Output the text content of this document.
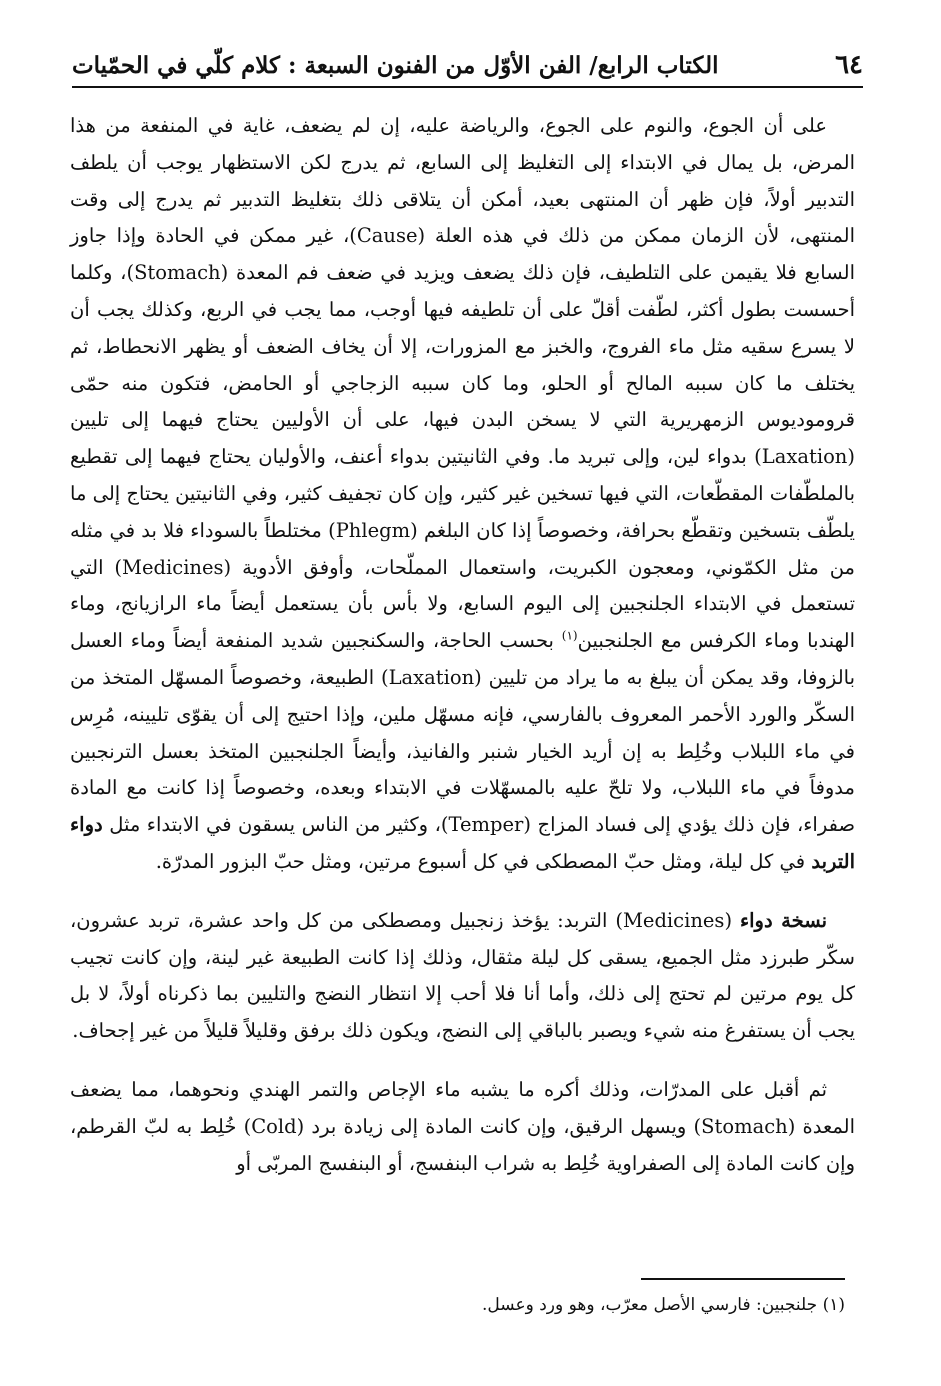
٦٤
الكتاب الرابع/ الفن الأوّل من الفنون السبعة : كلام كلّي في الحمّيات

على أن الجوع، والنوم على الجوع، والرياضة عليه، إن لم يضعف، غاية في المنفعة من هذا المرض، بل يمال في الابتداء إلى التغليظ إلى السابع، ثم يدرج لكن الاستظهار يوجب أن يلطف التدبير أولاً، فإن ظهر أن المنتهى بعيد، أمكن أن يتلاقى ذلك بتغليظ التدبير ثم يدرج إلى وقت المنتهى، لأن الزمان ممكن من ذلك في هذه العلة (Cause)، غير ممكن في الحادة وإذا جاوز السابع فلا يقيمن على التلطيف، فإن ذلك يضعف ويزيد في ضعف فم المعدة (Stomach)، وكلما أحسست بطول أكثر، لطّفت أقلّ على أن تلطيفه فيها أوجب، مما يجب في الربع، وكذلك يجب أن لا يسرع سقيه مثل ماء الفروج، والخبز مع المزورات، إلا أن يخاف الضعف أو يظهر الانحطاط، ثم يختلف ما كان سببه المالح أو الحلو، وما كان سببه الزجاجي أو الحامض، فتكون منه حمّى قروموديوس الزمهريرية التي لا يسخن البدن فيها، على أن الأوليين يحتاج فيهما إلى تليين (Laxation) بدواء لين، وإلى تبريد ما. وفي الثانيتين بدواء أعنف، والأوليان يحتاج فيهما إلى تقطيع بالملطّفات المقطّعات، التي فيها تسخين غير كثير، وإن كان تجفيف كثير، وفي الثانيتين يحتاج إلى ما يلطّف بتسخين وتقطّع بحرافة، وخصوصاً إذا كان البلغم (Phlegm) مختلطاً بالسوداء فلا بد في مثله من مثل الكمّوني، ومعجون الكبريت، واستعمال المملّحات، وأوفق الأدوية (Medicines) التي تستعمل في الابتداء الجلنجبين إلى اليوم السابع، ولا بأس بأن يستعمل أيضاً ماء الرازيانج، وماء الهندبا وماء الكرفس مع الجلنجبين$^{(١)}$ بحسب الحاجة، والسكنجبين شديد المنفعة أيضاً وماء العسل بالزوفا، وقد يمكن أن يبلغ به ما يراد من تليين (Laxation) الطبيعة، وخصوصاً المسهّل المتخذ من السكّر والورد الأحمر المعروف بالفارسي، فإنه مسهّل ملين، وإذا احتيج إلى أن يقوّى تليينه، مُرِس في ماء اللبلاب وخُلِط به إن أريد الخيار شنبر والفانيذ، وأيضاً الجلنجبين المتخذ بعسل الترنجبين مدوفاً في ماء اللبلاب، ولا تلحّ عليه بالمسهّلات في الابتداء وبعده، وخصوصاً إذا كانت مع المادة صفراء، فإن ذلك يؤدي إلى فساد المزاج (Temper)، وكثير من الناس يسقون في الابتداء مثل دواء التربد في كل ليلة، ومثل حبّ المصطكى في كل أسبوع مرتين، ومثل حبّ البزور المدرّة.

نسخة دواء (Medicines) التربد: يؤخذ زنجبيل ومصطكى من كل واحد عشرة، تربد عشرون، سكّر طبرزد مثل الجميع، يسقى كل ليلة مثقال، وذلك إذا كانت الطبيعة غير لينة، وإن كانت تجيب كل يوم مرتين لم تحتج إلى ذلك، وأما أنا فلا أحب إلا انتظار النضج والتليين بما ذكرناه أولاً، لا بل يجب أن يستفرغ منه شيء ويصبر بالباقي إلى النضج، ويكون ذلك برفق وقليلاً قليلاً من غير إجحاف.

ثم أقبل على المدرّات، وذلك أكره ما يشبه ماء الإجاص والتمر الهندي ونحوهما، مما يضعف المعدة (Stomach) ويسهل الرقيق، وإن كانت المادة إلى زيادة برد (Cold) خُلِط به لبّ القرطم، وإن كانت المادة إلى الصفراوية خُلِط به شراب البنفسج، أو البنفسج المربّى أو

(١) جلنجبين: فارسي الأصل معرّب، وهو ورد وعسل.
